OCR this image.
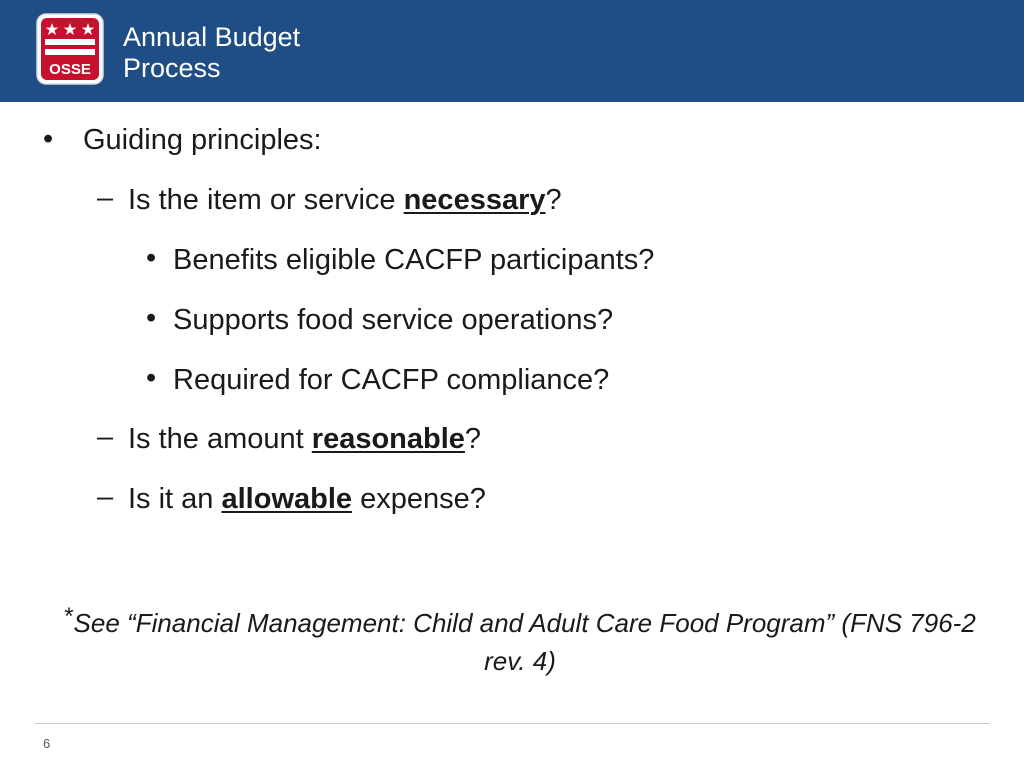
OSSE
Annual Budget
Process
• Guiding principles:
– Is the item or service necessary?
• Benefits eligible CACFP participants?
• Supports food service operations?
• Required for CACFP compliance?
– Is the amount reasonable?
– Is it an allowable expense?
*See “Financial Management: Child and Adult Care Food Program” (FNS 796-2 rev. 4)
6
